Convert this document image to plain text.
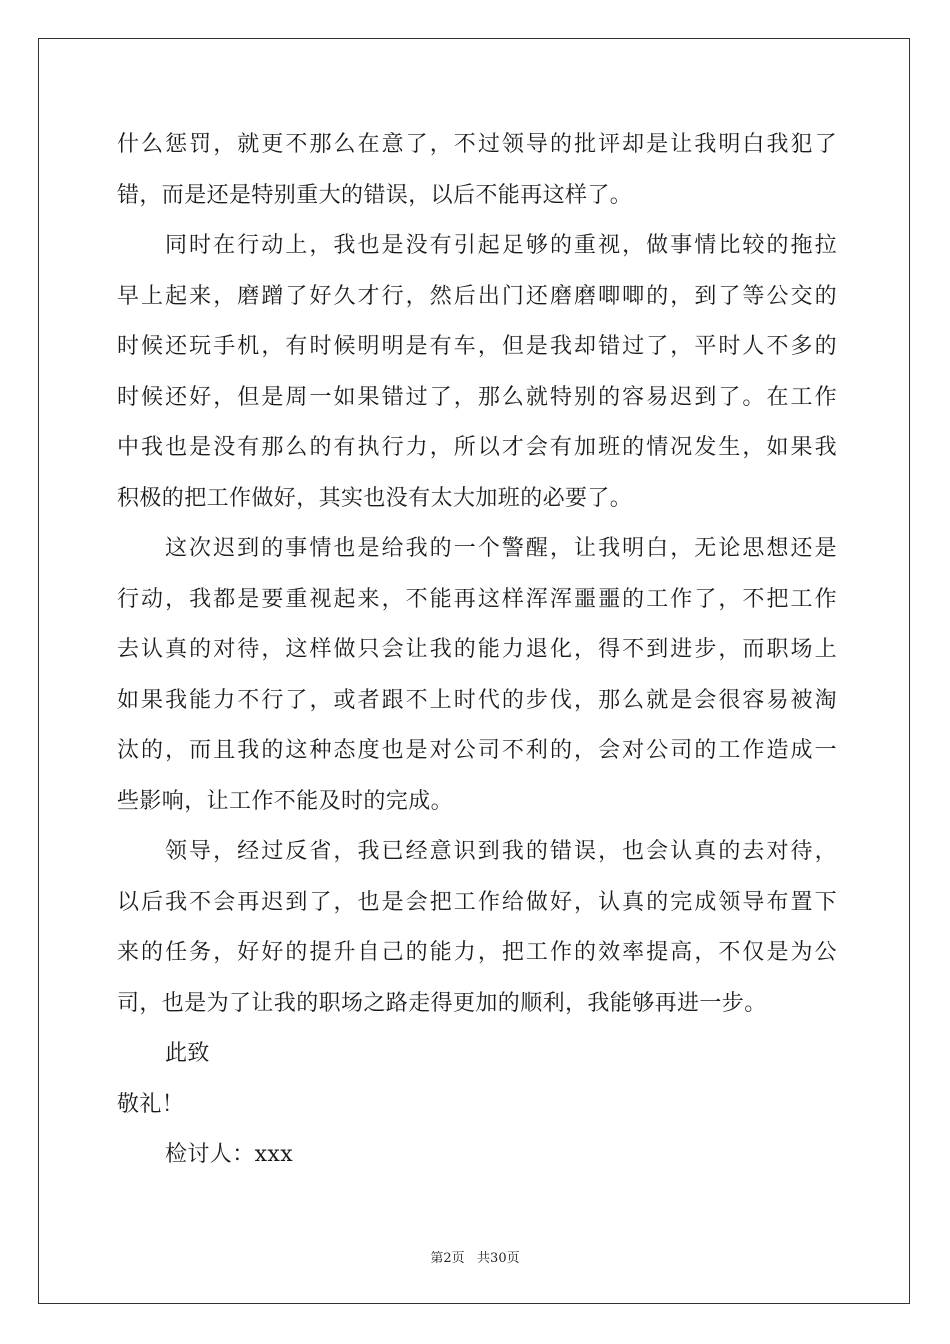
什么惩罚，就更不那么在意了，不过领导的批评却是让我明白我犯了
错，而是还是特别重大的错误，以后不能再这样了。
同时在行动上，我也是没有引起足够的重视，做事情比较的拖拉
早上起来，磨蹭了好久才行，然后出门还磨磨唧唧的，到了等公交的
时候还玩手机，有时候明明是有车，但是我却错过了，平时人不多的
时候还好，但是周一如果错过了，那么就特别的容易迟到了。在工作
中我也是没有那么的有执行力，所以才会有加班的情况发生，如果我
积极的把工作做好，其实也没有太大加班的必要了。
这次迟到的事情也是给我的一个警醒，让我明白，无论思想还是
行动，我都是要重视起来，不能再这样浑浑噩噩的工作了，不把工作
去认真的对待，这样做只会让我的能力退化，得不到进步，而职场上
如果我能力不行了，或者跟不上时代的步伐，那么就是会很容易被淘
汰的，而且我的这种态度也是对公司不利的，会对公司的工作造成一
些影响，让工作不能及时的完成。
领导，经过反省，我已经意识到我的错误，也会认真的去对待，
以后我不会再迟到了，也是会把工作给做好，认真的完成领导布置下
来的任务，好好的提升自己的能力，把工作的效率提高，不仅是为公
司，也是为了让我的职场之路走得更加的顺利，我能够再进一步。
此致
敬礼！
检讨人：xxx
第2页   共30页
